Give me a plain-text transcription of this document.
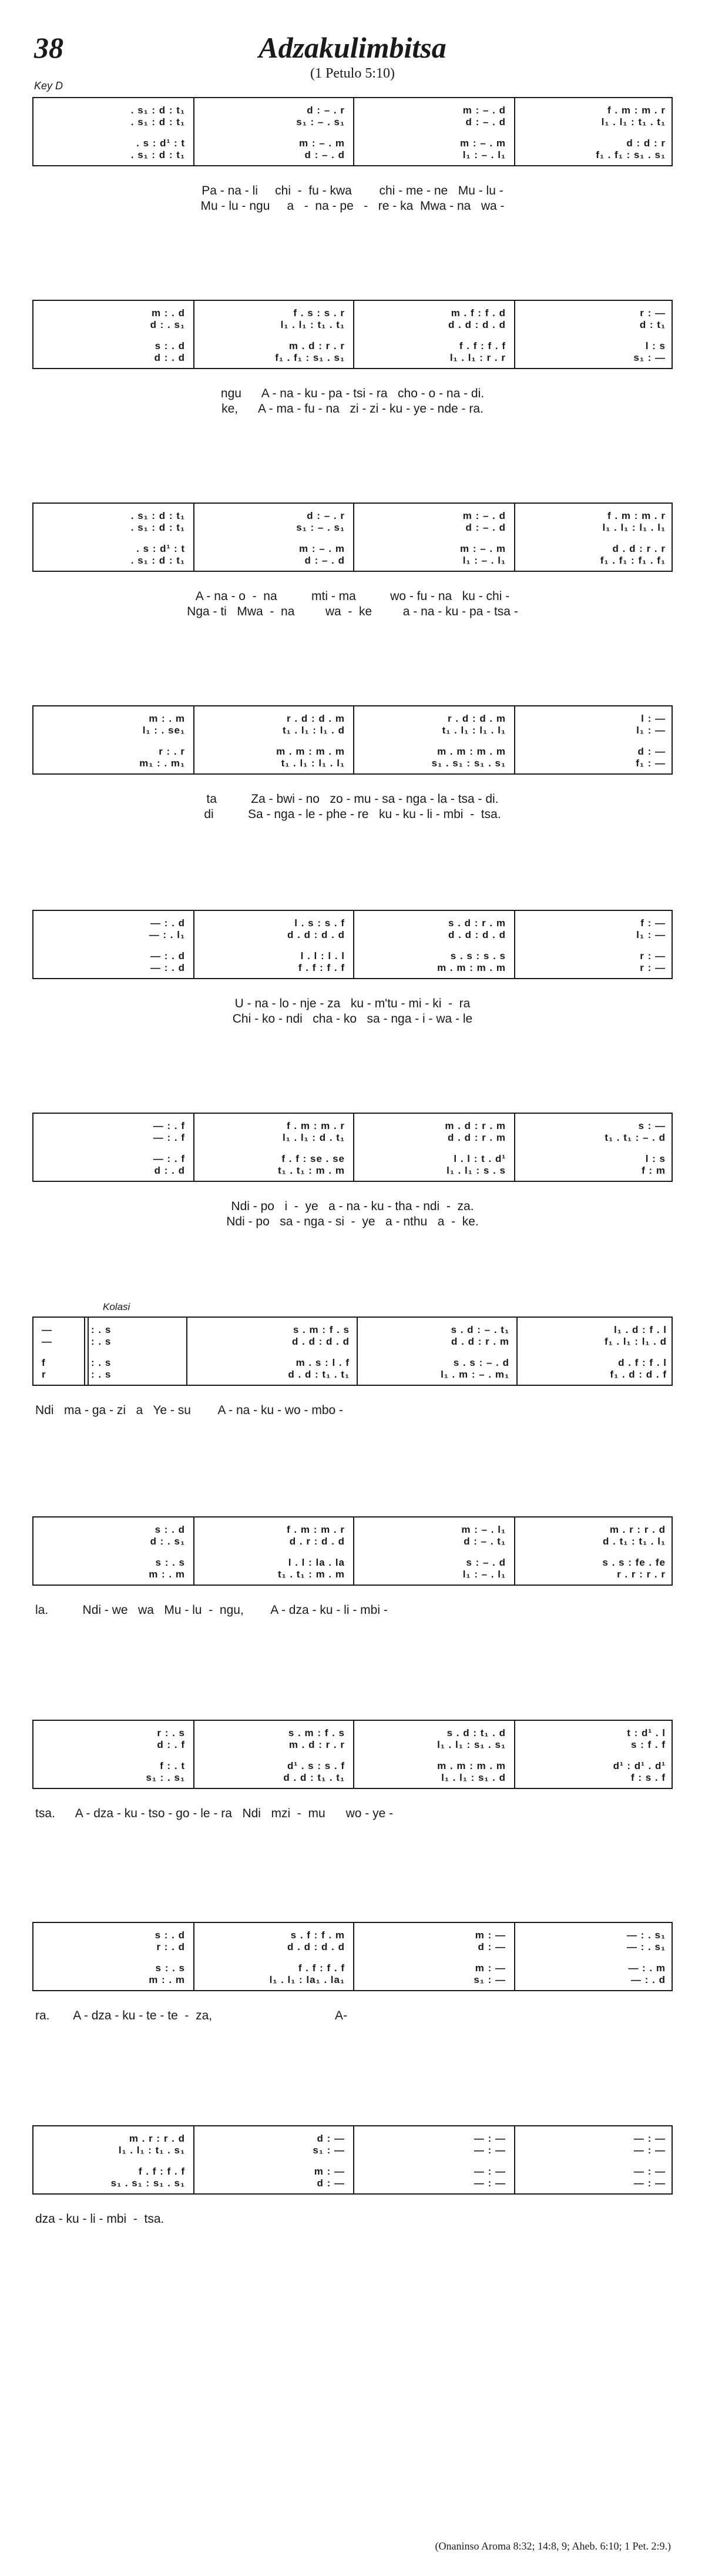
38	Adzakulimbitsa
(1 Petulo 5:10)
Key D
. s₁ : d : t₁
. s₁ : d : t₁
. s : d¹ : t
. s₁ : d : t₁
d : – . r
s₁ : – . s₁
m : – . m
d : – . d
m : – . d
d : – . d
m : – . m
l₁ : – . l₁
f . m : m . r
l₁ . l₁ : t₁ . t₁
d : d : r
f₁ . f₁ : s₁ . s₁
Pa - na - li     chi  -  fu - kwa        chi - me - ne   Mu - lu -
Mu - lu - ngu     a   -  na - pe   -   re - ka  Mwa - na   wa -
m : . d
d : . s₁
s : . d
d : . d
f . s : s . r
l₁ . l₁ : t₁ . t₁
m . d : r . r
f₁ . f₁ : s₁ . s₁
m . f : f . d
d . d : d . d
f . f : f . f
l₁ . l₁ : r . r
r : —
d : t₁
l : s
s₁ : —
ngu      A - na - ku - pa - tsi - ra   cho - o - na - di.
ke,      A - ma - fu - na   zi - zi - ku - ye - nde - ra.
. s₁ : d : t₁
. s₁ : d : t₁
. s : d¹ : t
. s₁ : d : t₁
d : – . r
s₁ : – . s₁
m : – . m
d : – . d
m : – . d
d : – . d
m : – . m
l₁ : – . l₁
f . m : m . r
l₁ . l₁ : l₁ . l₁
d . d : r . r
f₁ . f₁ : f₁ . f₁
A - na - o  -  na          mti - ma          wo - fu - na   ku - chi -
Nga - ti   Mwa  -  na         wa  -  ke         a - na - ku - pa - tsa -
m : . m
l₁ : . se₁
r : . r
m₁ : . m₁
r . d : d . m
t₁ . l₁ : l₁ . d
m . m : m . m
t₁ . l₁ : l₁ . l₁
r . d : d . m
t₁ . l₁ : l₁ . l₁
m . m : m . m
s₁ . s₁ : s₁ . s₁
l : —
l₁ : —
d : —
f₁ : —
ta          Za - bwi - no   zo - mu - sa - nga - la - tsa - di.
di          Sa - nga - le - phe - re   ku - ku - li - mbi  -  tsa.
— : . d
— : . l₁
— : . d
— : . d
l . s : s . f
d . d : d . d
l . l : l . l
f . f : f . f
s . d : r . m
d . d : d . d
s . s : s . s
m . m : m . m
f : —
l₁ : —
r : —
r : —
U - na - lo - nje - za   ku - m'tu - mi - ki  -  ra
Chi - ko - ndi   cha - ko   sa - nga - i - wa - le
— : . f
— : . f
— : . f
d : . d
f . m : m . r
l₁ . l₁ : d . t₁
f . f : se . se
t₁ . t₁ : m . m
m . d : r . m
d . d : r . m
l . l : t . d¹
l₁ . l₁ : s . s
s : —
t₁ . t₁ : – . d
l : s
f : m
Ndi - po   i  -  ye   a - na - ku - tha - ndi  -  za.
Ndi - po   sa - nga - si  -  ye   a - nthu   a  -  ke.
Kolasi
—
—
f
r
: . s
: . s
: . s
: . s
s . m : f . s
d . d : d . d
m . s : l . f
d . d : t₁ . t₁
s . d : – . t₁
d . d : r . m
s . s : – . d
l₁ . m : – . m₁
l₁ . d : f . l
f₁ . l₁ : l₁ . d
d . f : f . l
f₁ . d : d . f
Ndi   ma - ga - zi   a   Ye - su        A - na - ku - wo - mbo -
s : . d
d : . s₁
s : . s
m : . m
f . m : m . r
d . r : d . d
l . l : la . la
t₁ . t₁ : m . m
m : – . l₁
d : – . t₁
s : – . d
l₁ : – . l₁
m . r : r . d
d . t₁ : t₁ . l₁
s . s : fe . fe
r . r : r . r
la.          Ndi - we   wa   Mu - lu  -  ngu,        A - dza - ku - li - mbi -
r : . s
d : . f
f : . t
s₁ : . s₁
s . m : f . s
m . d : r . r
d¹ . s : s . f
d . d : t₁ . t₁
s . d : t₁ . d
l₁ . l₁ : s₁ . s₁
m . m : m . m
l₁ . l₁ : s₁ . d
t : d¹ . l
s : f . f
d¹ : d¹ . d¹
f : s . f
tsa.      A - dza - ku - tso - go - le - ra   Ndi   mzi  -  mu      wo - ye -
s : . d
r : . d
s : . s
m : . m
s . f : f . m
d . d : d . d
f . f : f . f
l₁ . l₁ : la₁ . la₁
m : —
d : —
m : —
s₁ : —
— : . s₁
— : . s₁
— : . m
— : . d
ra.       A - dza - ku - te - te  -  za,                                    A-
m . r : r . d
l₁ . l₁ : t₁ . s₁
f . f : f . f
s₁ . s₁ : s₁ . s₁
d : —
s₁ : —
m : —
d : —
— : —
— : —
— : —
— : —
— : —
— : —
— : —
— : —
dza - ku - li - mbi  -  tsa.
(Onaninso Aroma 8:32; 14:8, 9; Aheb. 6:10; 1 Pet. 2:9.)
